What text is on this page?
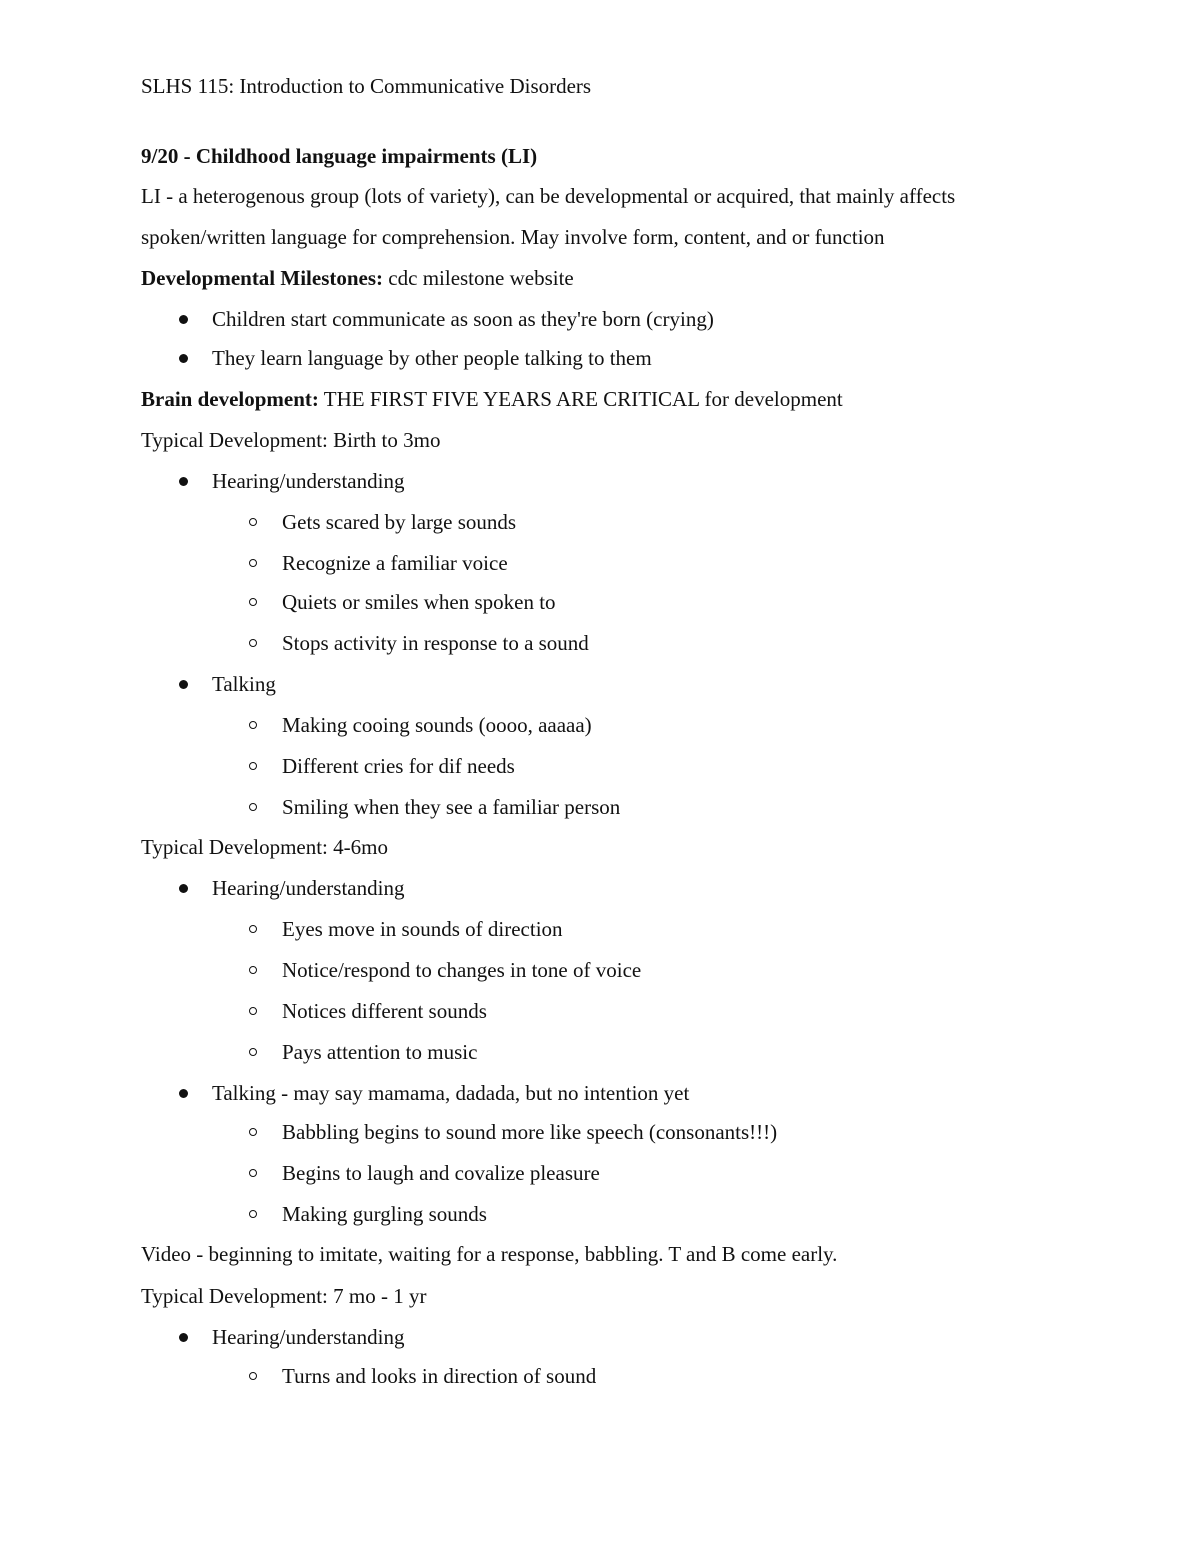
SLHS 115: Introduction to Communicative Disorders
9/20 - Childhood language impairments (LI)
LI - a heterogenous group (lots of variety), can be developmental or acquired, that mainly affects
spoken/written language for comprehension. May involve form, content, and or function
Developmental Milestones: cdc milestone website
Children start communicate as soon as they're born (crying)
They learn language by other people talking to them
Brain development: THE FIRST FIVE YEARS ARE CRITICAL for development
Typical Development: Birth to 3mo
Hearing/understanding
Gets scared by large sounds
Recognize a familiar voice
Quiets or smiles when spoken to
Stops activity in response to a sound
Talking
Making cooing sounds (oooo, aaaaa)
Different cries for dif needs
Smiling when they see a familiar person
Typical Development: 4-6mo
Hearing/understanding
Eyes move in sounds of direction
Notice/respond to changes in tone of voice
Notices different sounds
Pays attention to music
Talking - may say mamama, dadada, but no intention yet
Babbling begins to sound more like speech (consonants!!!)
Begins to laugh and covalize pleasure
Making gurgling sounds
Video - beginning to imitate, waiting for a response, babbling. T and B come early.
Typical Development: 7 mo - 1 yr
Hearing/understanding
Turns and looks in direction of sound
